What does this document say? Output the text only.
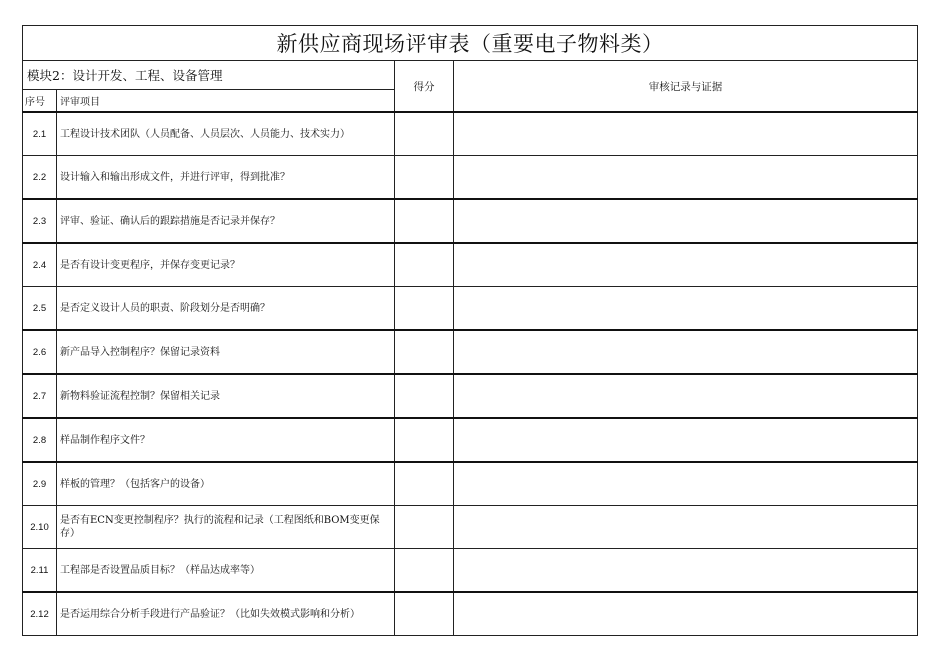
新供应商现场评审表（重要电子物料类）			
模块2：设计开发、工程、设备管理		得分	审核记录与证据
序号	评审项目		
2.1	工程设计技术团队（人员配备、人员层次、人员能力、技术实力）		
2.2	设计输入和输出形成文件，并进行评审，得到批准？		
2.3	评审、验证、确认后的跟踪措施是否记录并保存？		
2.4	是否有设计变更程序，并保存变更记录？		
2.5	是否定义设计人员的职责、阶段划分是否明确？		
2.6	新产品导入控制程序？保留记录资料		
2.7	新物料验证流程控制？保留相关记录		
2.8	样品制作程序文件？		
2.9	样板的管理？（包括客户的设备）		
2.10	是否有ECN变更控制程序？执行的流程和记录（工程图纸和BOM变更保存）		
2.11	工程部是否设置品质目标？（样品达成率等）		
2.12	是否运用综合分析手段进行产品验证？（比如失效模式影响和分析）		
